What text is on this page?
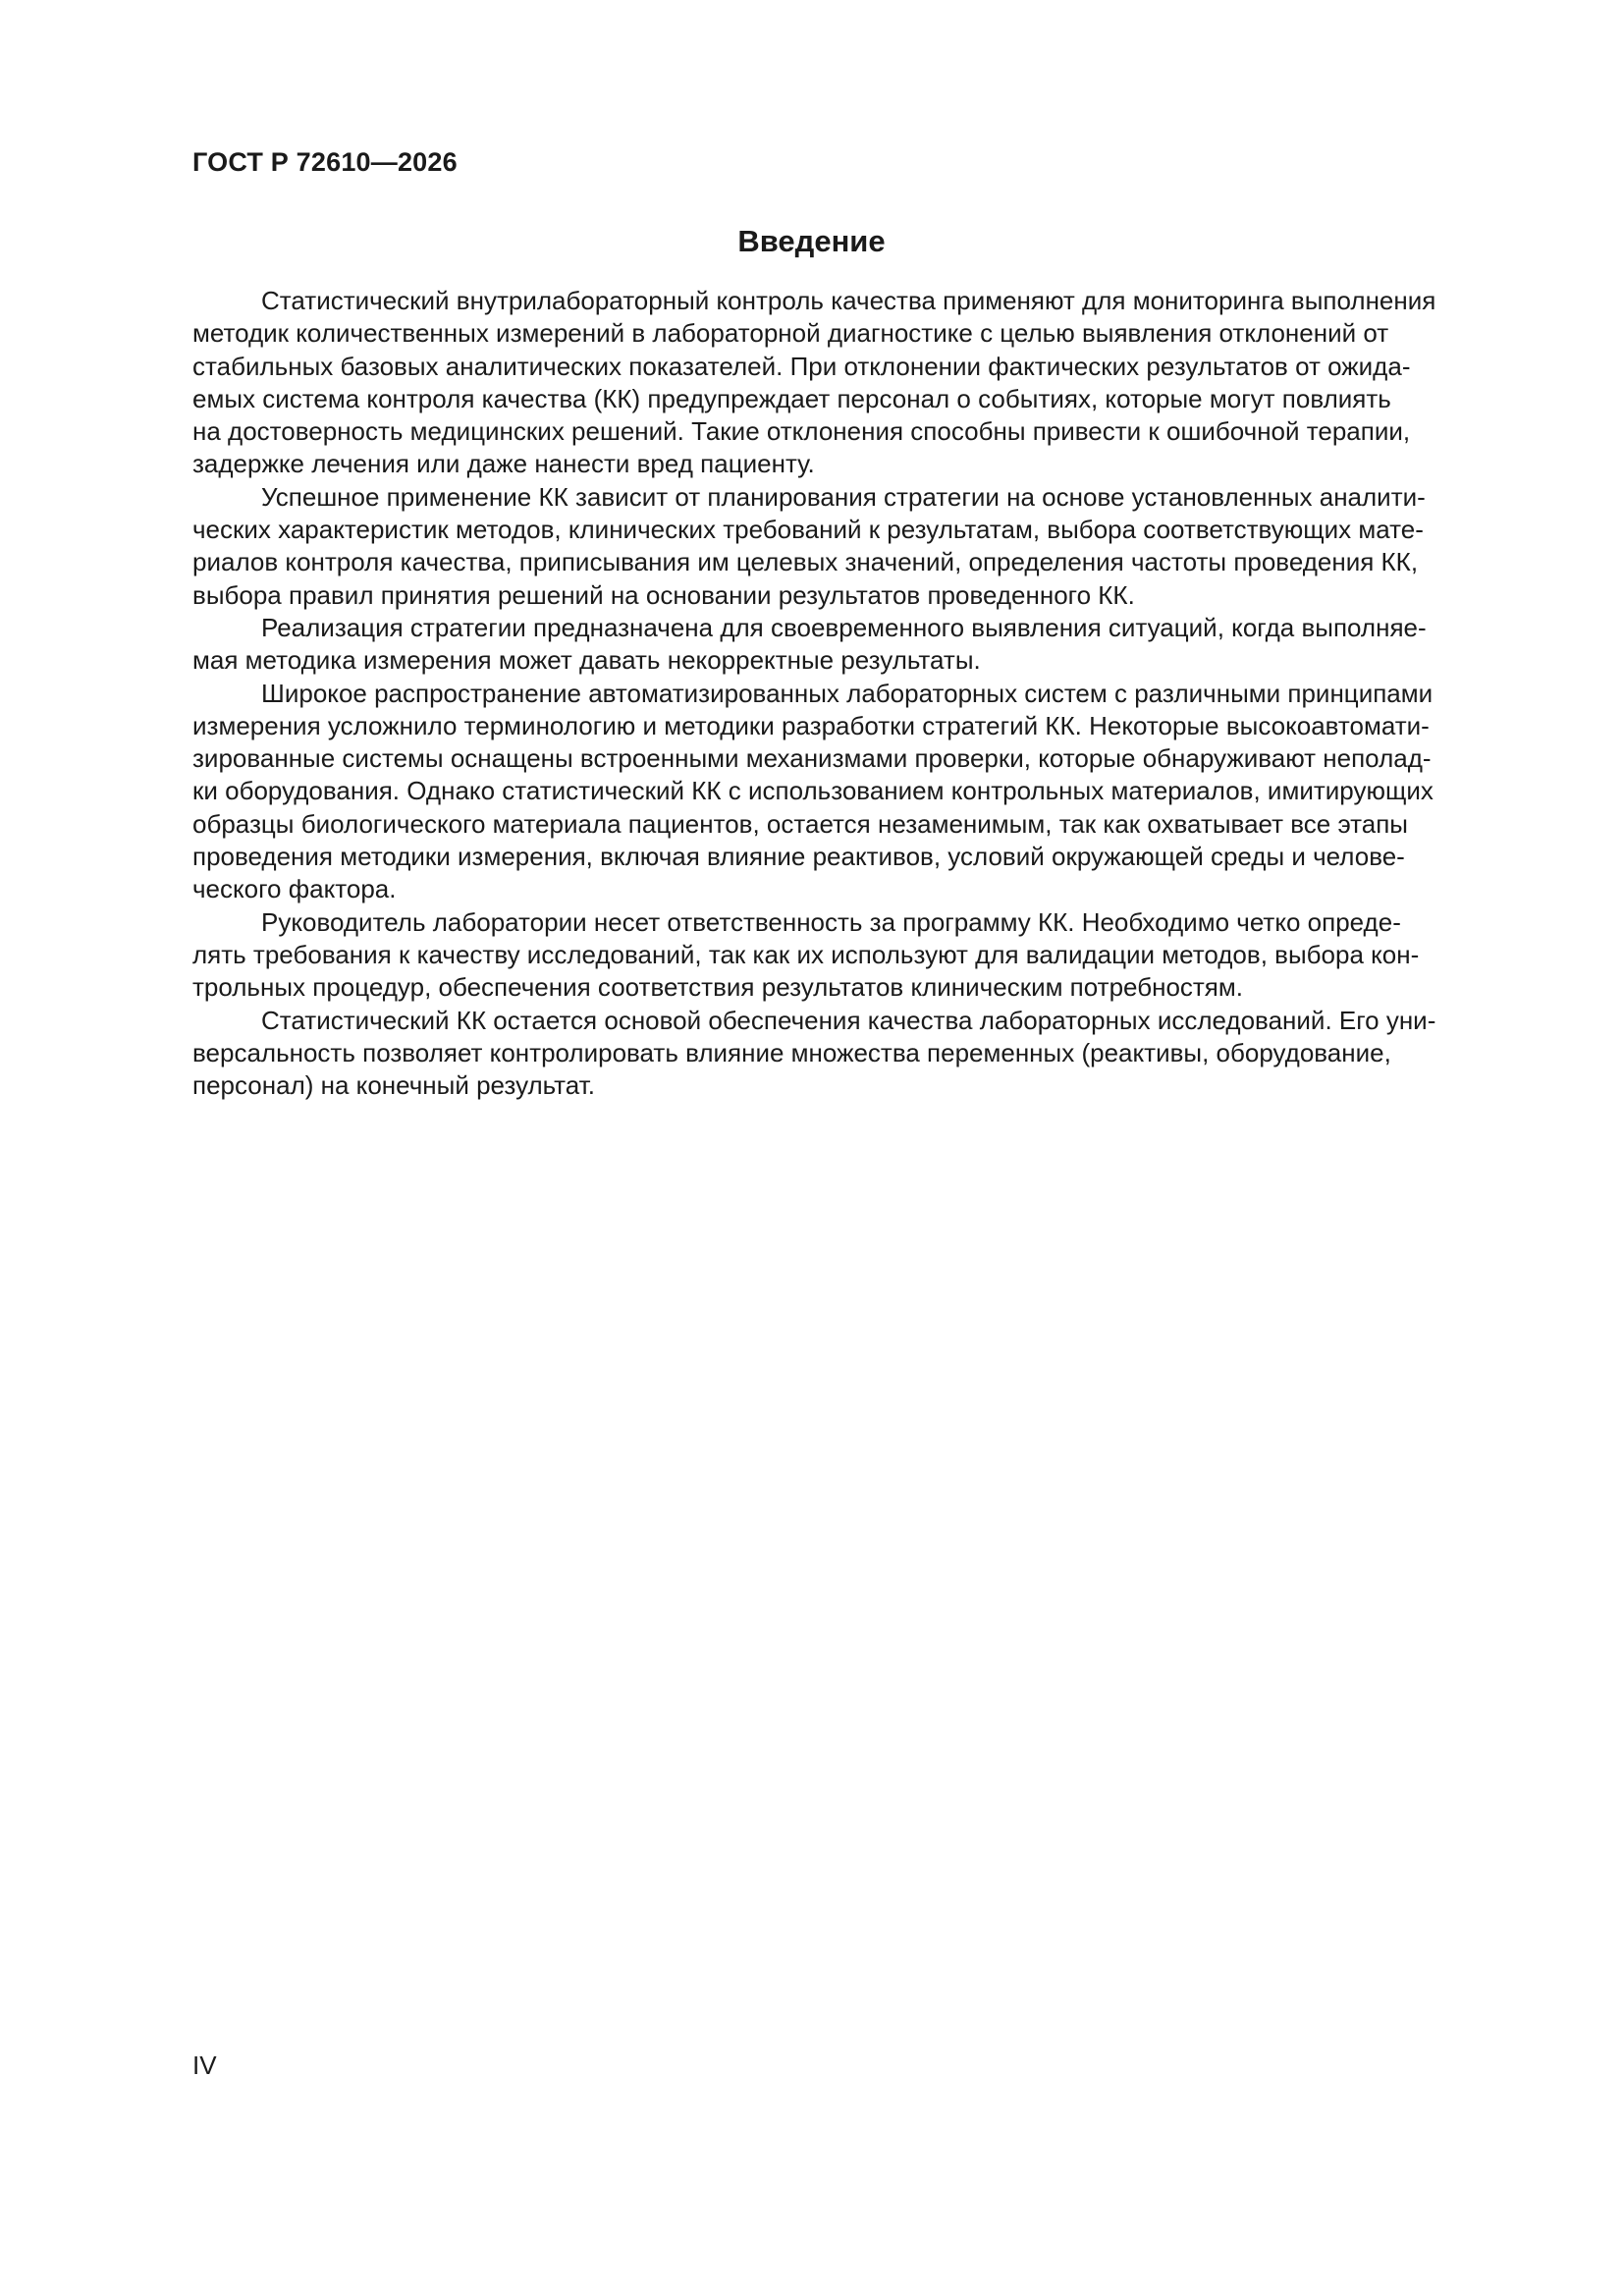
ГОСТ Р 72610—2026
Введение

Статистический внутрилабораторный контроль качества применяют для мониторинга выполнения
методик количественных измерений в лабораторной диагностике с целью выявления отклонений от
стабильных базовых аналитических показателей. При отклонении фактических результатов от ожида-
емых система контроля качества (КК) предупреждает персонал о событиях, которые могут повлиять
на достоверность медицинских решений. Такие отклонения способны привести к ошибочной терапии,
задержке лечения или даже нанести вред пациенту.

Успешное применение КК зависит от планирования стратегии на основе установленных аналити-
ческих характеристик методов, клинических требований к результатам, выбора соответствующих мате-
риалов контроля качества, приписывания им целевых значений, определения частоты проведения КК,
выбора правил принятия решений на основании результатов проведенного КК.

Реализация стратегии предназначена для своевременного выявления ситуаций, когда выполняе-
мая методика измерения может давать некорректные результаты.

Широкое распространение автоматизированных лабораторных систем с различными принципами
измерения усложнило терминологию и методики разработки стратегий КК. Некоторые высокоавтомати-
зированные системы оснащены встроенными механизмами проверки, которые обнаруживают неполад-
ки оборудования. Однако статистический КК с использованием контрольных материалов, имитирующих
образцы биологического материала пациентов, остается незаменимым, так как охватывает все этапы
проведения методики измерения, включая влияние реактивов, условий окружающей среды и челове-
ческого фактора.

Руководитель лаборатории несет ответственность за программу КК. Необходимо четко опреде-
лять требования к качеству исследований, так как их используют для валидации методов, выбора кон-
трольных процедур, обеспечения соответствия результатов клиническим потребностям.

Статистический КК остается основой обеспечения качества лабораторных исследований. Его уни-
версальность позволяет контролировать влияние множества переменных (реактивы, оборудование,
персонал) на конечный результат.

IV
